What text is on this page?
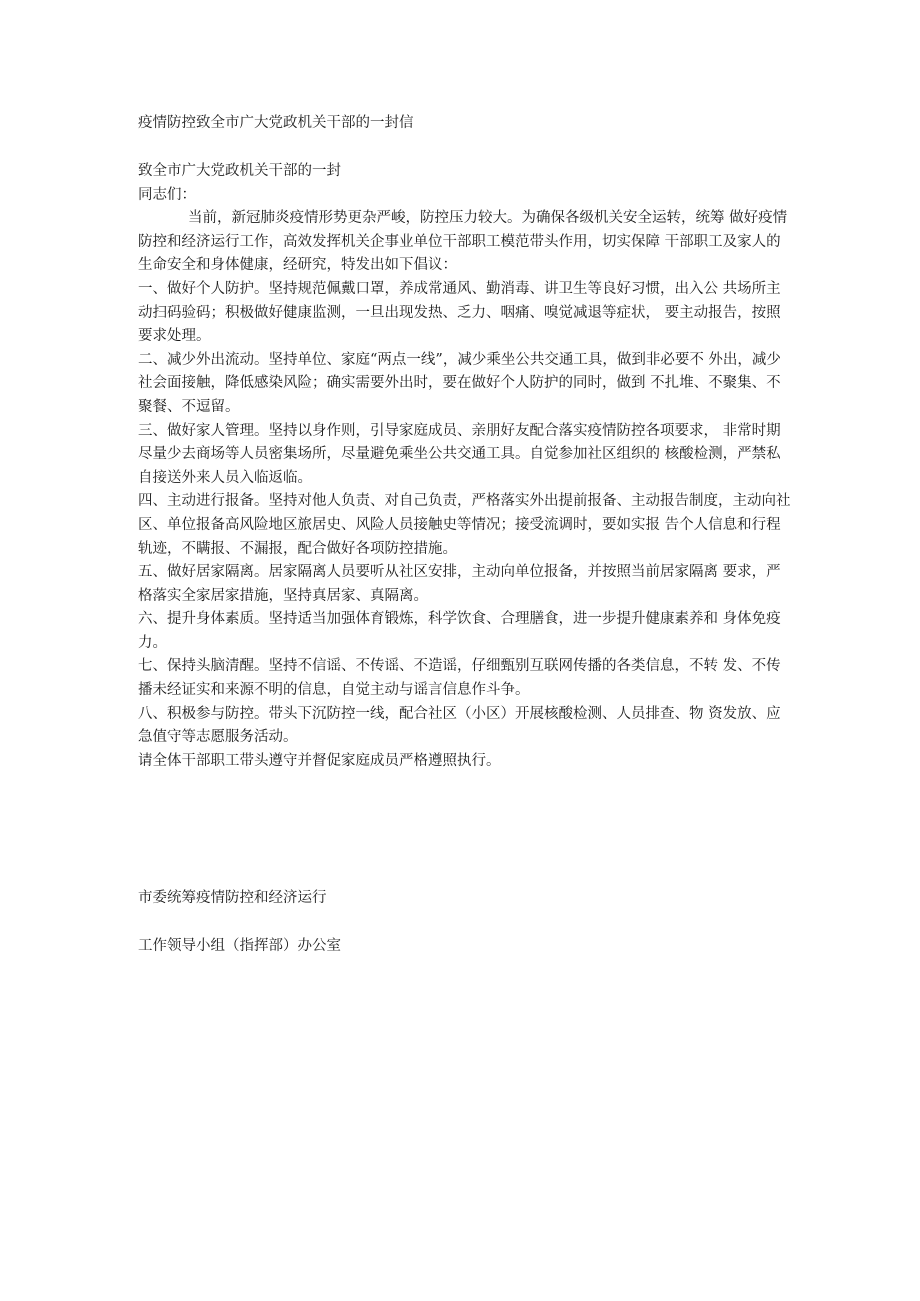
疫情防控致全市广大党政机关干部的一封信

致全市广大党政机关干部的一封

同志们：

当前，新冠肺炎疫情形势更杂严峻，防控压力较大。为确保各级机关安全运转，统筹 做好疫情防控和经济运行工作，高效发挥机关企事业单位干部职工模范带头作用，切实保障 干部职工及家人的生命安全和身体健康，经研究，特发出如下倡议：

一、做好个人防护。坚持规范佩戴口罩，养成常通风、勤消毒、讲卫生等良好习惯，出入公 共场所主动扫码验码；积极做好健康监测，一旦出现发热、乏力、咽痛、嗅觉减退等症状， 要主动报告，按照要求处理。

二、减少外出流动。坚持单位、家庭“两点一线”，减少乘坐公共交通工具，做到非必要不 外出，减少社会面接触，降低感染风险；确实需要外出时，要在做好个人防护的同时，做到 不扎堆、不聚集、不聚餐、不逗留。

三、做好家人管理。坚持以身作则，引导家庭成员、亲朋好友配合落实疫情防控各项要求， 非常时期尽量少去商场等人员密集场所，尽量避免乘坐公共交通工具。自觉参加社区组织的 核酸检测，严禁私自接送外来人员入临返临。

四、主动进行报备。坚持对他人负责、对自己负责，严格落实外出提前报备、主动报告制度，主动向社区、单位报备高风险地区旅居史、风险人员接触史等情况；接受流调时，要如实报 告个人信息和行程轨迹，不瞒报、不漏报，配合做好各项防控措施。

五、做好居家隔离。居家隔离人员要听从社区安排，主动向单位报备，并按照当前居家隔离 要求，严格落实全家居家措施，坚持真居家、真隔离。

六、提升身体素质。坚持适当加强体育锻炼，科学饮食、合理膳食，进一步提升健康素养和 身体免疫力。

七、保持头脑清醒。坚持不信谣、不传谣、不造谣，仔细甄别互联网传播的各类信息，不转 发、不传播未经证实和来源不明的信息，自觉主动与谣言信息作斗争。

八、积极参与防控。带头下沉防控一线，配合社区（小区）开展核酸检测、人员排查、物 资发放、应急值守等志愿服务活动。

请全体干部职工带头遵守并督促家庭成员严格遵照执行。

市委统筹疫情防控和经济运行
工作领导小组（指挥部）办公室
